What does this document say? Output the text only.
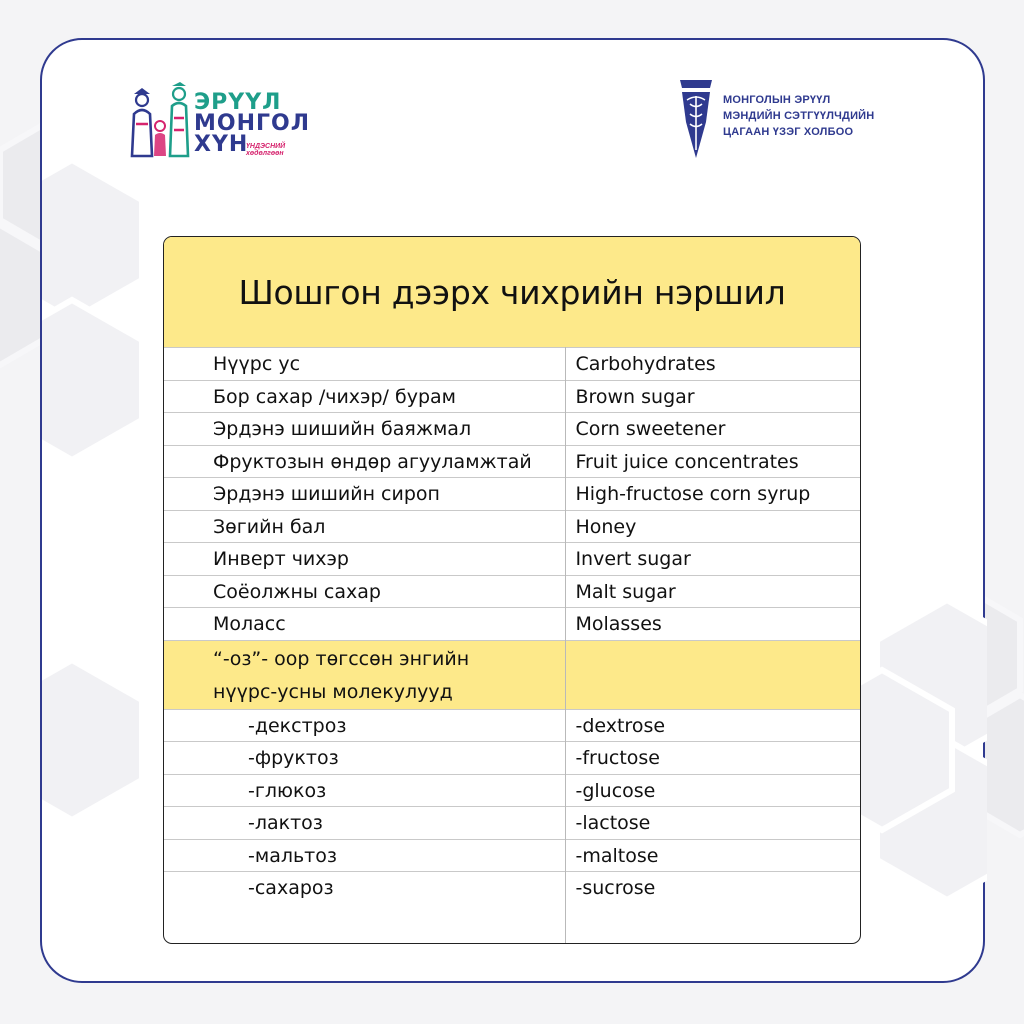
ЭРҮҮЛ
МОНГОЛ
ХҮН
ҮНДЭСНИЙ
хөдөлгөөн
МОНГОЛЫН ЭРҮҮЛ
МЭНДИЙН СЭТГҮҮЛЧДИЙН
ЦАГААН ҮЗЭГ ХОЛБОО
Шошгон дээрх чихрийн нэршил
Нүүрс ус	Carbohydrates
Бор сахар /чихэр/ бурам	Brown sugar
Эрдэнэ шишийн баяжмал	Corn sweetener
Фруктозын өндөр агууламжтай	Fruit juice concentrates
Эрдэнэ шишийн сироп	High-fructose corn syrup
Зөгийн бал	Honey
Инверт чихэр	Invert sugar
Соёолжны сахар	Malt sugar
Моласс	Molasses
“-оз”- оор төгссөн энгийн
нүүрс-усны молекулууд
-декстроз	-dextrose
-фруктоз	-fructose
-глюкоз	-glucose
-лактоз	-lactose
-мальтоз	-maltose
-сахароз	-sucrose
